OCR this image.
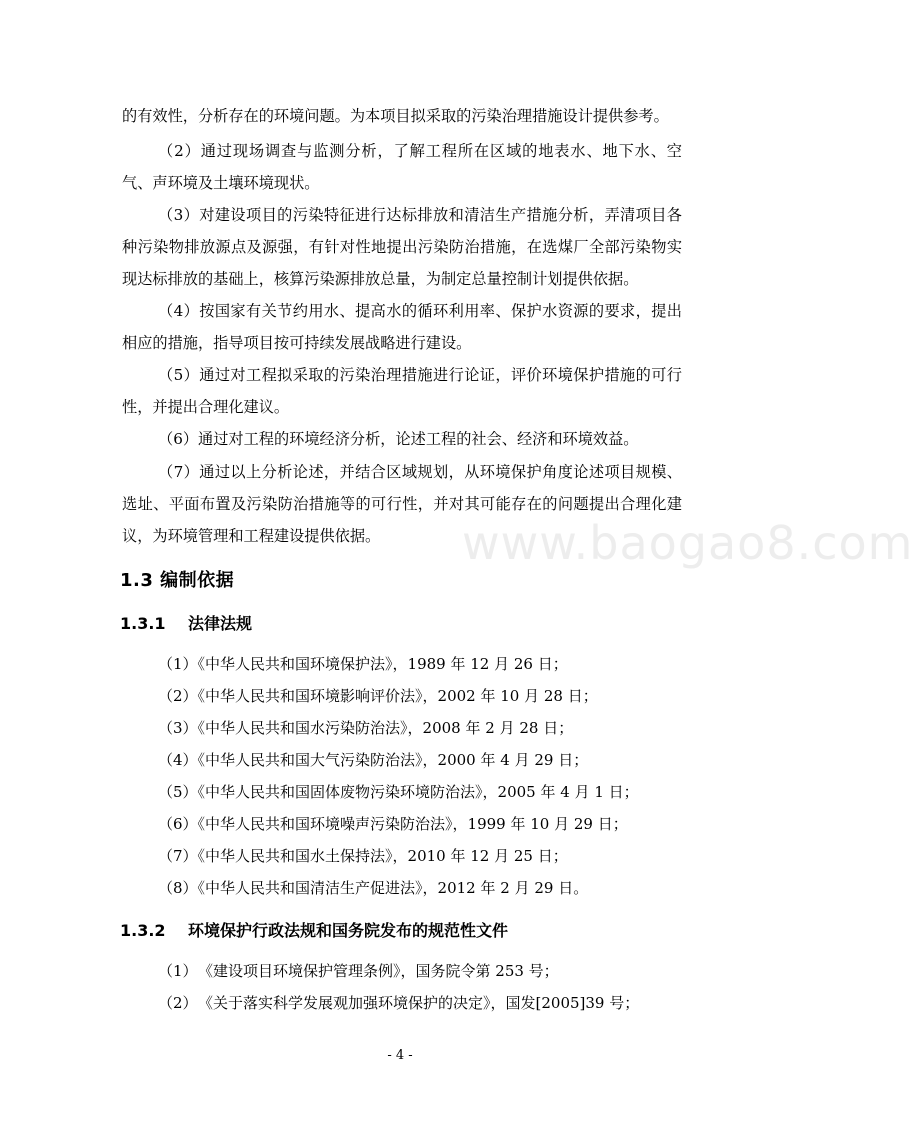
的有效性，分析存在的环境问题。为本项目拟采取的污染治理措施设计提供参考。

（2）通过现场调查与监测分析，了解工程所在区域的地表水、地下水、空气、声环境及土壤环境现状。

（3）对建设项目的污染特征进行达标排放和清洁生产措施分析，弄清项目各种污染物排放源点及源强，有针对性地提出污染防治措施，在选煤厂全部污染物实现达标排放的基础上，核算污染源排放总量，为制定总量控制计划提供依据。

（4）按国家有关节约用水、提高水的循环利用率、保护水资源的要求，提出相应的措施，指导项目按可持续发展战略进行建设。

（5）通过对工程拟采取的污染治理措施进行论证，评价环境保护措施的可行性，并提出合理化建议。

（6）通过对工程的环境经济分析，论述工程的社会、经济和环境效益。

（7）通过以上分析论述，并结合区域规划，从环境保护角度论述项目规模、选址、平面布置及污染防治措施等的可行性，并对其可能存在的问题提出合理化建议，为环境管理和工程建设提供依据。	www.baogao8.com
1.3 编制依据
1.3.1 法律法规

（1）《中华人民共和国环境保护法》，1989 年 12 月 26 日；

（2）《中华人民共和国环境影响评价法》，2002 年 10 月 28 日；

（3）《中华人民共和国水污染防治法》，2008 年 2 月 28 日；

（4）《中华人民共和国大气污染防治法》，2000 年 4 月 29 日；

（5）《中华人民共和国固体废物污染环境防治法》，2005 年 4 月 1 日；

（6）《中华人民共和国环境噪声污染防治法》，1999 年 10 月 29 日；

（7）《中华人民共和国水土保持法》，2010 年 12 月 25 日；

（8）《中华人民共和国清洁生产促进法》，2012 年 2 月 29 日。

1.3.2 环境保护行政法规和国务院发布的规范性文件

（1）《建设项目环境保护管理条例》，国务院令第 253 号；

（2）《关于落实科学发展观加强环境保护的决定》，国发[2005]39 号；

- 4 -
